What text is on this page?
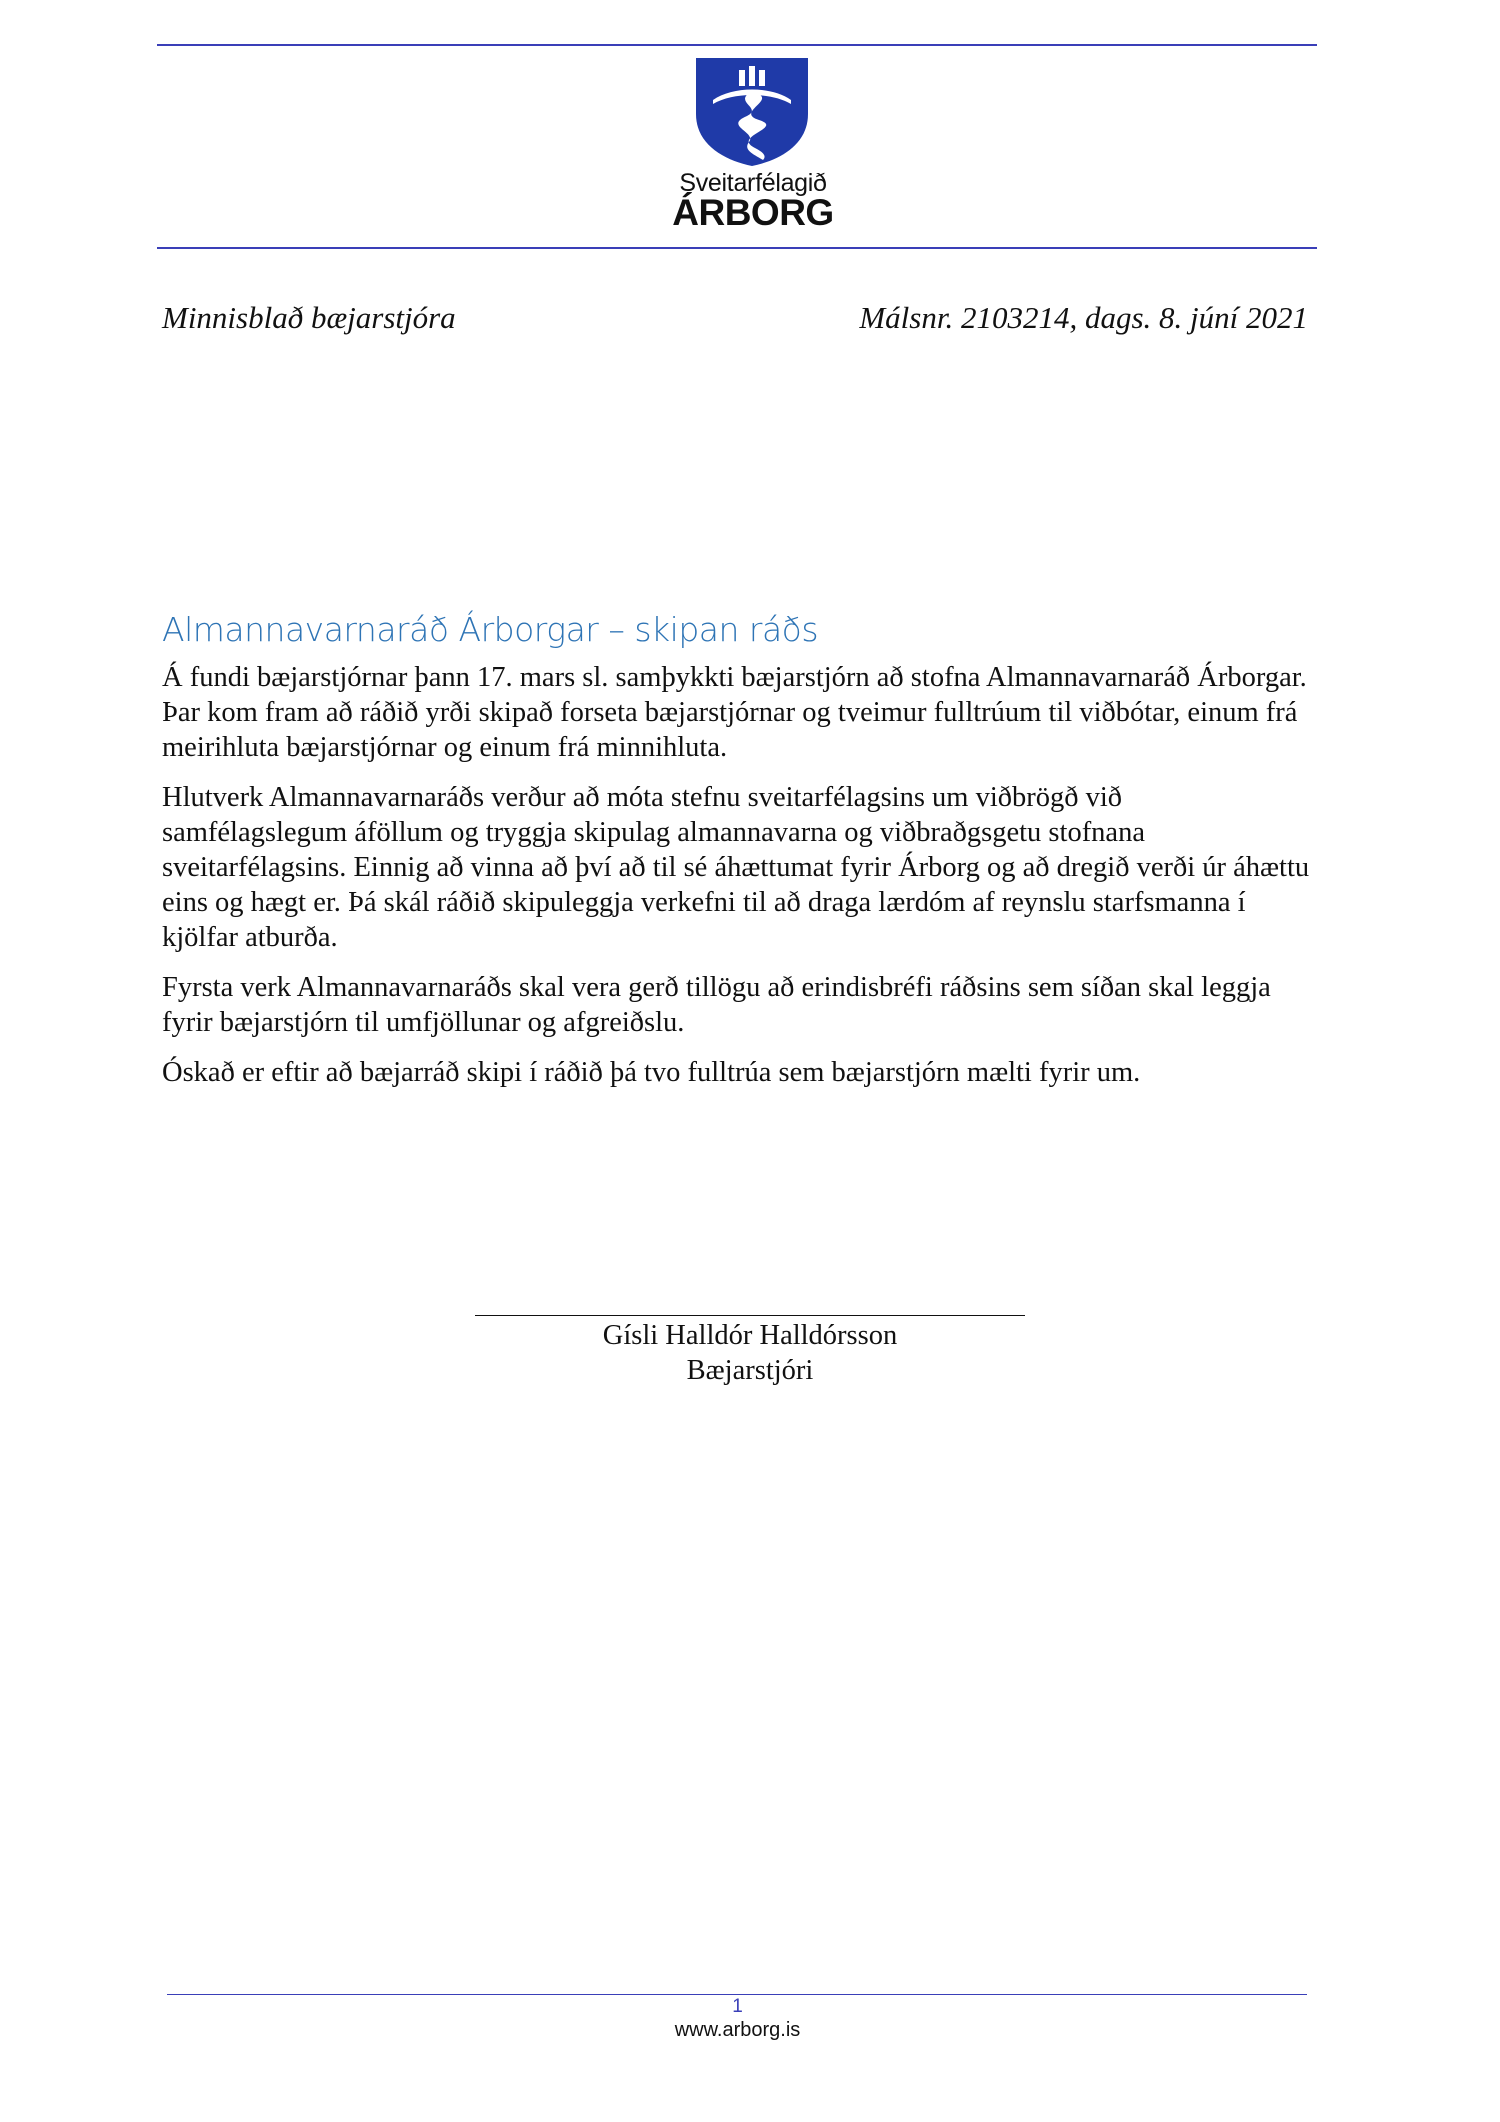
Sveitarfélagið
ÁRBORG
Minnisblað bæjarstjóra	Málsnr. 2103214, dags. 8. júní 2021
Almannavarnaráð Árborgar – skipan ráðs

Á fundi bæjarstjórnar þann 17. mars sl. samþykkti bæjarstjórn að stofna Almannavarnaráð Árborgar. Þar kom fram að ráðið yrði skipað forseta bæjarstjórnar og tveimur fulltrúum til viðbótar, einum frá meirihluta bæjarstjórnar og einum frá minnihluta.

Hlutverk Almannavarnaráðs verður að móta stefnu sveitarfélagsins um viðbrögð við samfélagslegum áföllum og tryggja skipulag almannavarna og viðbraðgsgetu stofnana sveitarfélagsins. Einnig að vinna að því að til sé áhættumat fyrir Árborg og að dregið verði úr áhættu eins og hægt er. Þá skál ráðið skipuleggja verkefni til að draga lærdóm af reynslu starfsmanna í kjölfar atburða.

Fyrsta verk Almannavarnaráðs skal vera gerð tillögu að erindisbréfi ráðsins sem síðan skal leggja fyrir bæjarstjórn til umfjöllunar og afgreiðslu.

Óskað er eftir að bæjarráð skipi í ráðið þá tvo fulltrúa sem bæjarstjórn mælti fyrir um.

Gísli Halldór Halldórsson
Bæjarstjóri
1
www.arborg.is
